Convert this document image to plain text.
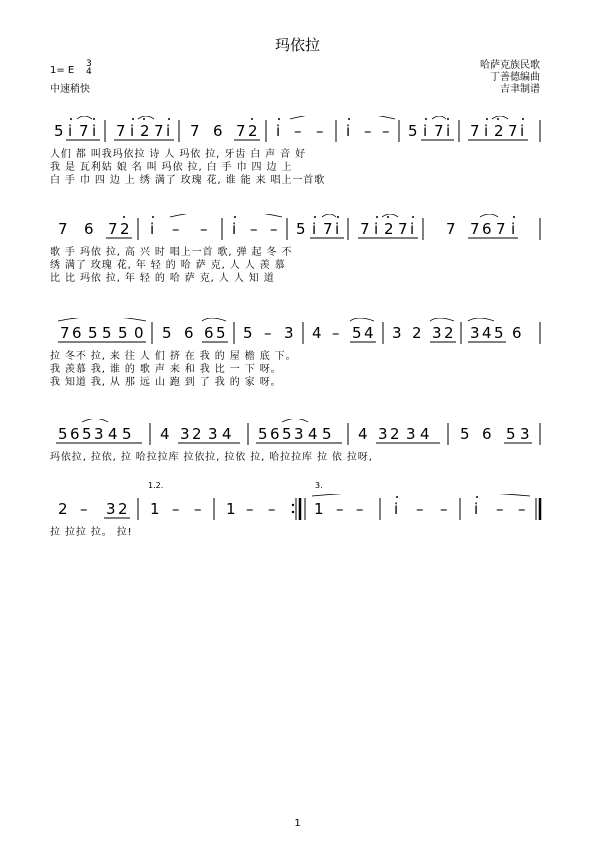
玛依拉
1= E
3
4
中速稍快
哈萨克族民歌
丁善德编曲
吉聿制谱
5 i 7 i 7 i 2 7 i 7 6 7 2 i – – i – – 5 i 7 i 7 i 2 7 i
人们 都 叫我玛依拉 诗 人 玛依 拉, 牙齿 白 声 音 好
我 是 瓦利姑 娘 名 叫 玛依 拉, 白 手 巾 四 边 上
白 手 巾 四 边 上 绣 满了 玫瑰 花, 谁 能 来 唱上一首歌
7 6 7 2 i – – i – – 5 i 7 i 7 i 2 7 i 7 7 6 7 i
歌 手 玛依 拉, 高 兴 时 唱上一首 歌, 弹 起 冬 不
绣 满了 玫瑰 花, 年 轻 的 哈 萨 克, 人 人 羡 慕
比 比 玛依 拉, 年 轻 的 哈 萨 克, 人 人 知 道
7 6 5 5 5 0 5 6 6 5 5 – 3 4 – 5 4 3 2 3 2 3 4 5 6
拉 冬不 拉, 来 往 人 们 挤 在 我 的 屋 檐 底 下。
我 羡慕 我, 谁 的 歌 声 来 和 我 比 一 下 呀。
我 知道 我, 从 那 远 山 跑 到 了 我 的 家 呀。
5 6 5 3 4 5 4 3 2 3 4 5 6 5 3 4 5 4 3 2 3 4 5 6 5 3
玛依拉, 拉依, 拉 哈拉拉库 拉依拉, 拉依 拉, 哈拉拉库 拉 依 拉呀,
2 – 3 2 1 – – 1 – –	1 – – i – – i – –
1.2.	3.
拉 拉拉 拉。 拉!
1
